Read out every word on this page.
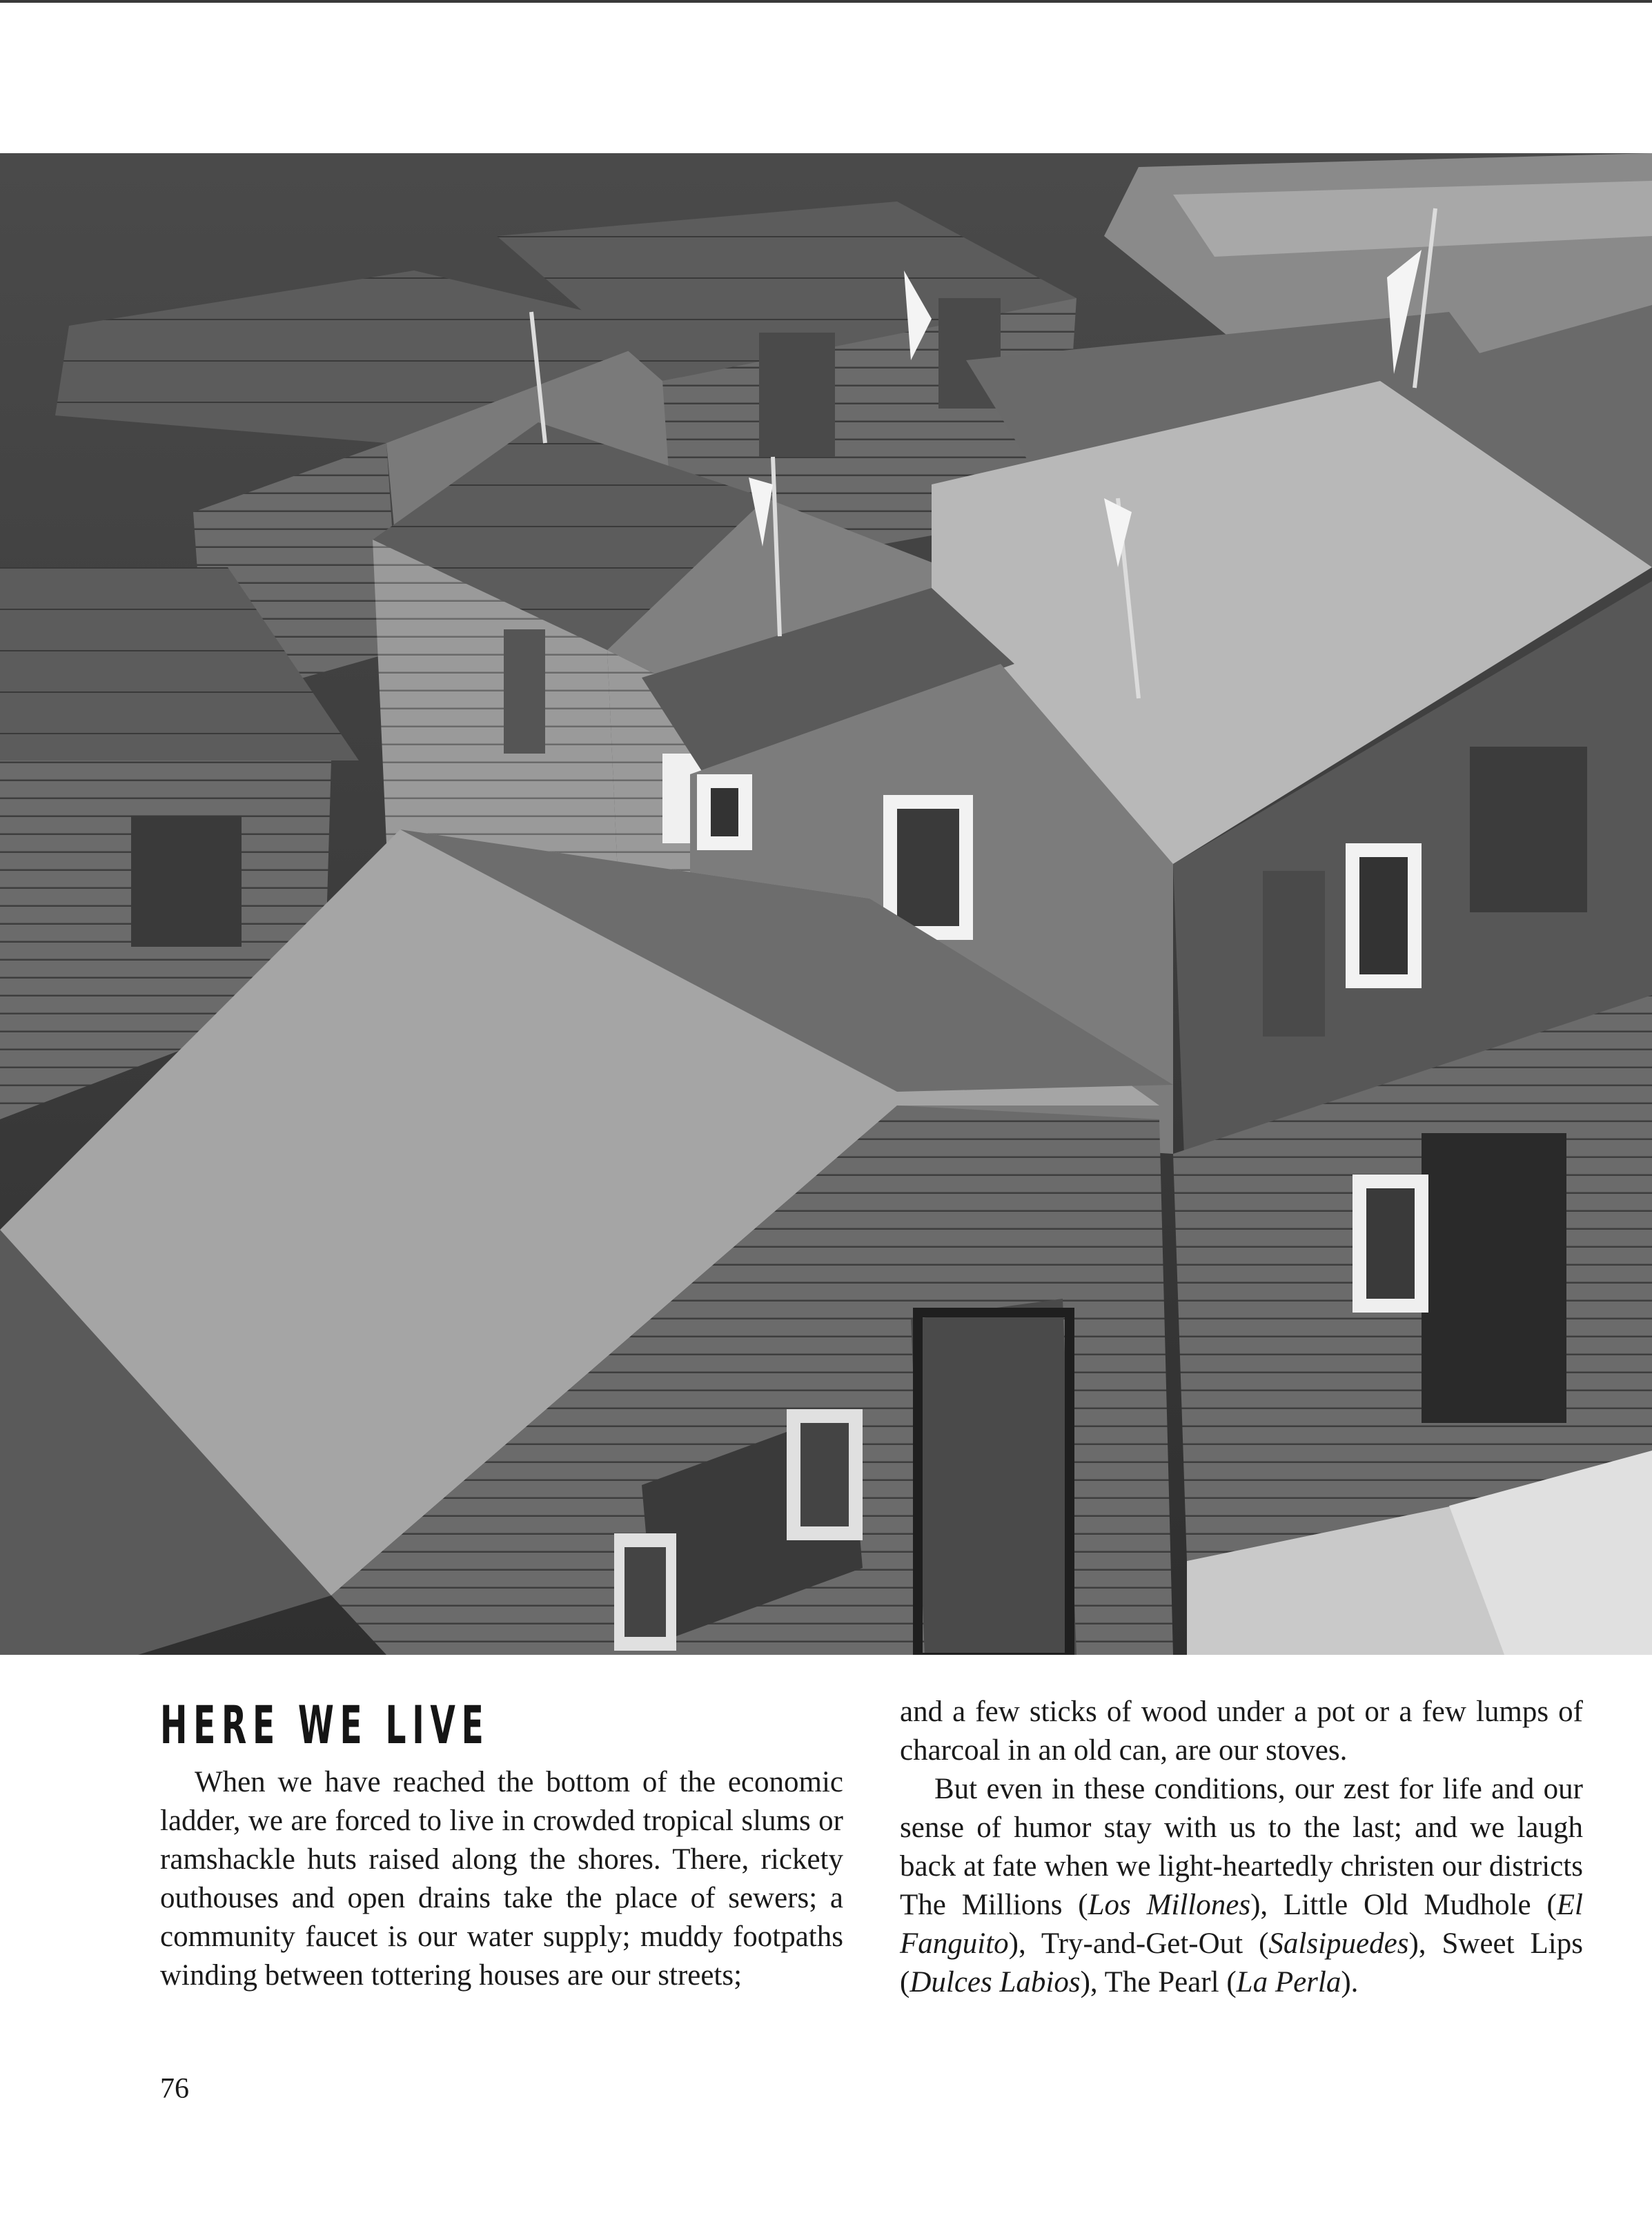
HERE WE LIVE

When we have reached the bottom of the economic ladder, we are forced to live in crowded tropical slums or ramshackle huts raised along the shores. There, rickety outhouses and open drains take the place of sewers; a community faucet is our water supply; muddy footpaths winding between tottering houses are our streets;

and a few sticks of wood under a pot or a few lumps of charcoal in an old can, are our stoves.

But even in these conditions, our zest for life and our sense of humor stay with us to the last; and we laugh back at fate when we light-heartedly christen our districts The Millions (Los Millones), Little Old Mudhole (El Fanguito), Try-and-Get-Out (Salsipuedes), Sweet Lips (Dulces Labios), The Pearl (La Perla).

76
